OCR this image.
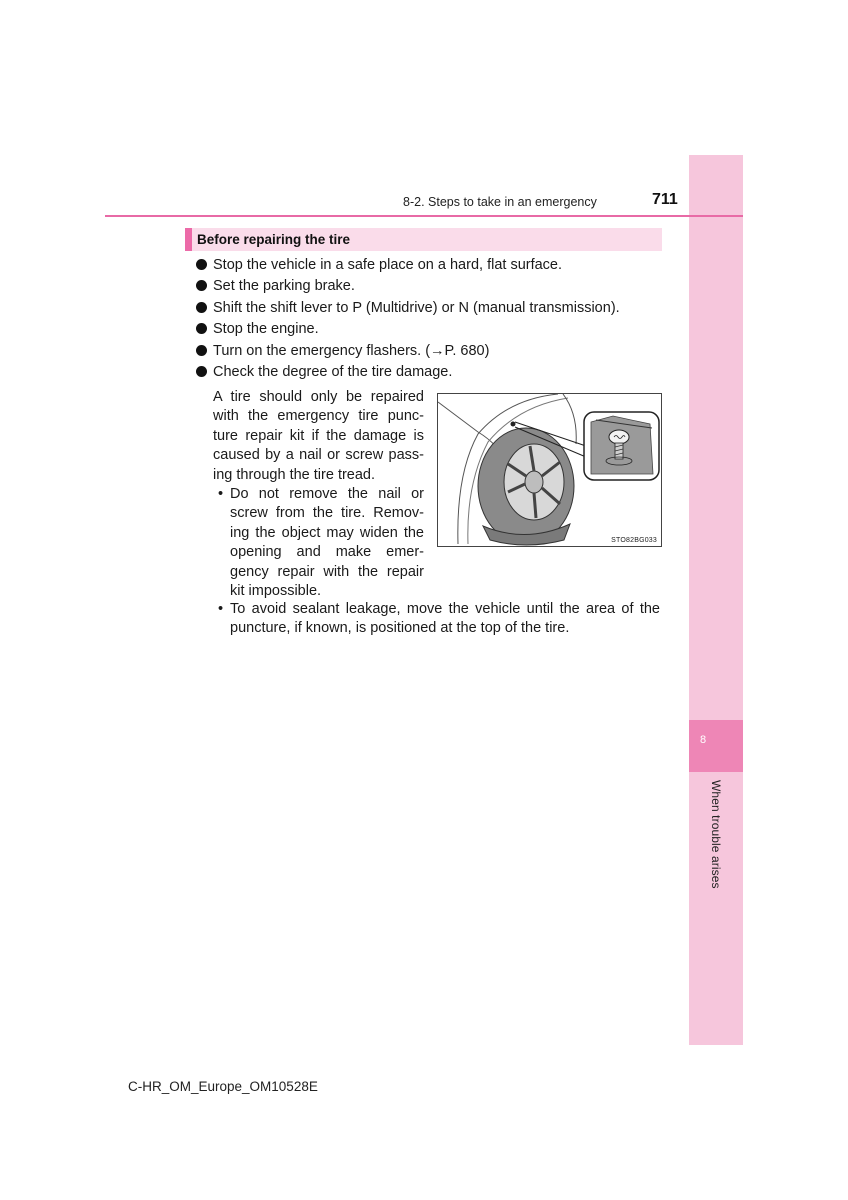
8
When trouble arises
8-2. Steps to take in an emergency	711
Before repairing the tire
Stop the vehicle in a safe place on a hard, flat surface.
Set the parking brake.
Shift the shift lever to P (Multidrive) or N (manual transmission).
Stop the engine.
Turn on the emergency flashers. (→P. 680)
Check the degree of the tire damage.
A tire should only be repaired
with the emergency tire punc-
ture repair kit if the damage is
caused by a nail or screw pass-
ing through the tire tread.
• Do not remove the nail or
screw from the tire. Remov-
ing the object may widen the
opening and make emer-
gency repair with the repair
kit impossible.
• To avoid sealant leakage, move the vehicle until the area of the
puncture, if known, is positioned at the top of the tire.
STO82BG033
C-HR_OM_Europe_OM10528E
